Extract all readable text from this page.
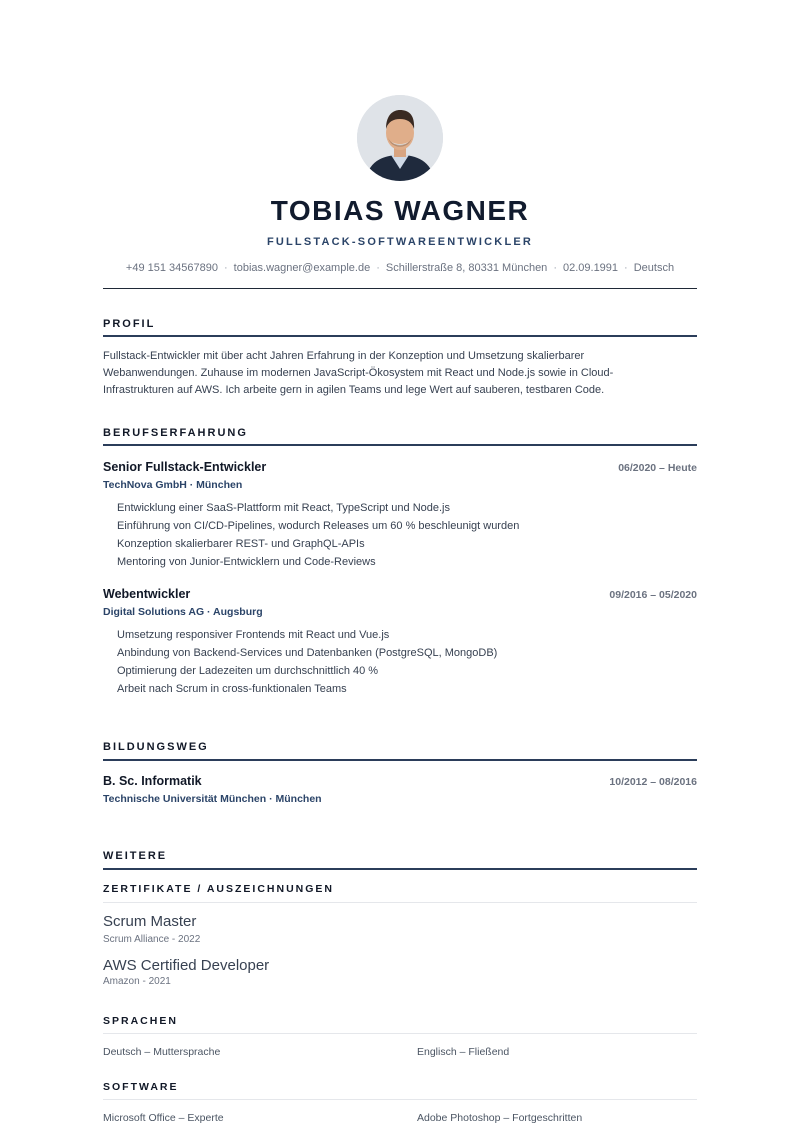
TOBIAS WAGNER
FULLSTACK-SOFTWAREENTWICKLER
+49 151 34567890 · tobias.wagner@example.de · Schillerstraße 8, 80331 München · 02.09.1991 · Deutsch
PROFIL
Fullstack-Entwickler mit über acht Jahren Erfahrung in der Konzeption und Umsetzung skalierbarer Webanwendungen. Zuhause im modernen JavaScript-Ökosystem mit React und Node.js sowie in Cloud-Infrastrukturen auf AWS. Ich arbeite gern in agilen Teams und lege Wert auf sauberen, testbaren Code.
BERUFSERFAHRUNG
Senior Fullstack-Entwickler	06/2020 – Heute
TechNova GmbH · München
Entwicklung einer SaaS-Plattform mit React, TypeScript und Node.js
Einführung von CI/CD-Pipelines, wodurch Releases um 60 % beschleunigt wurden
Konzeption skalierbarer REST- und GraphQL-APIs
Mentoring von Junior-Entwicklern und Code-Reviews
Webentwickler	09/2016 – 05/2020
Digital Solutions AG · Augsburg
Umsetzung responsiver Frontends mit React und Vue.js
Anbindung von Backend-Services und Datenbanken (PostgreSQL, MongoDB)
Optimierung der Ladezeiten um durchschnittlich 40 %
Arbeit nach Scrum in cross-funktionalen Teams
BILDUNGSWEG
B. Sc. Informatik	10/2012 – 08/2016
Technische Universität München · München
WEITERE
ZERTIFIKATE / AUSZEICHNUNGEN
Scrum Master
Scrum Alliance - 2022
AWS Certified Developer
Amazon - 2021
SPRACHEN
Deutsch – Muttersprache	Englisch – Fließend
SOFTWARE
Microsoft Office – Experte	Adobe Photoshop – Fortgeschritten
